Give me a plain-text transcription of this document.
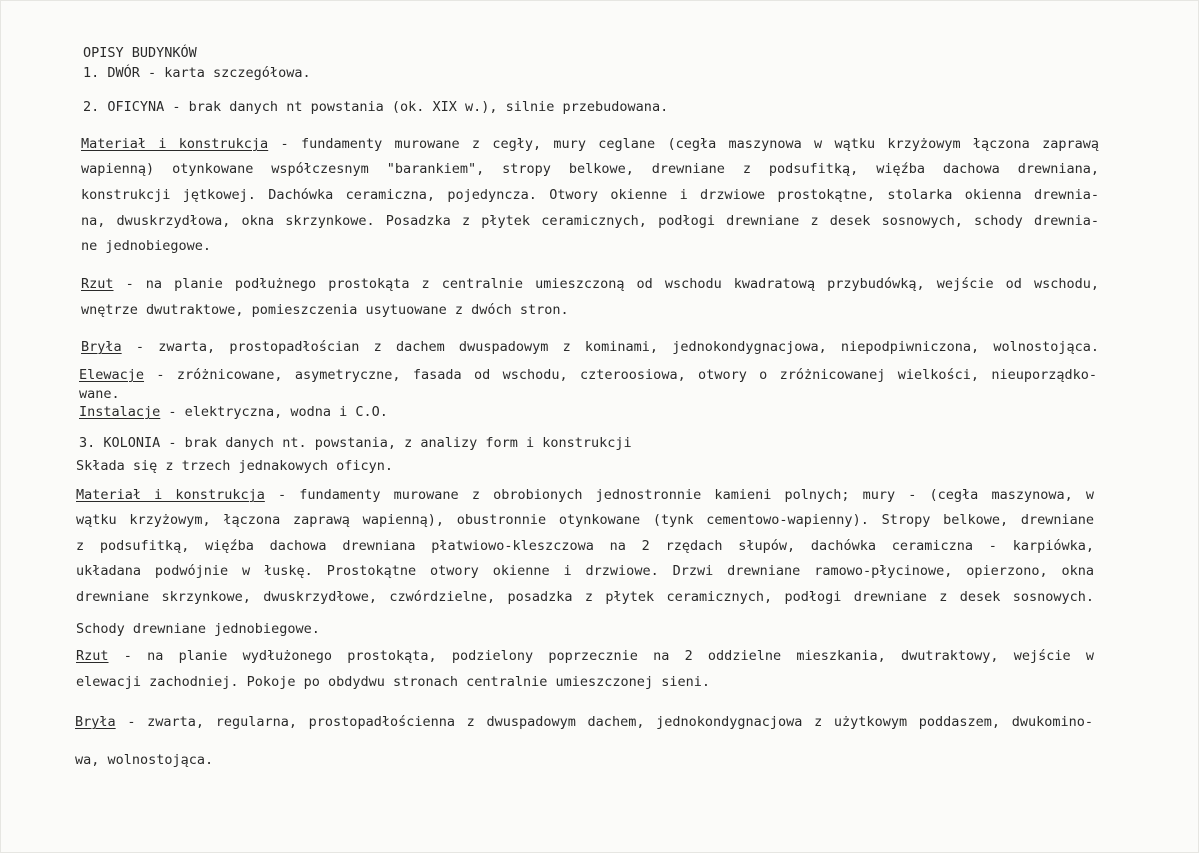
OPISY BUDYNKÓW

1. DWÓR - karta szczegółowa.

2. OFICYNA - brak danych nt powstania (ok. XIX w.), silnie przebudowana.

Materiał i konstrukcja - fundamenty murowane z cegły, mury ceglane (cegła maszynowa w wątku krzyżowym łączona zaprawą

wapienną) otynkowane współczesnym "barankiem", stropy belkowe, drewniane z podsufitką, więźba dachowa drewniana,

konstrukcji jętkowej. Dachówka ceramiczna, pojedyncza. Otwory okienne i drzwiowe prostokątne, stolarka okienna drewnia-

na, dwuskrzydłowa, okna skrzynkowe. Posadzka z płytek ceramicznych, podłogi drewniane z desek sosnowych, schody drewnia-

ne jednobiegowe.

Rzut - na planie podłużnego prostokąta z centralnie umieszczoną od wschodu kwadratową przybudówką, wejście od wschodu,

wnętrze dwutraktowe, pomieszczenia usytuowane z dwóch stron.

Bryła - zwarta, prostopadłościan z dachem dwuspadowym z kominami, jednokondygnacjowa, niepodpiwniczona, wolnostojąca.

Elewacje - zróżnicowane, asymetryczne, fasada od wschodu, czteroosiowa, otwory o zróżnicowanej wielkości, nieuporządko-

wane.

Instalacje - elektryczna, wodna i C.O.

3. KOLONIA - brak danych nt. powstania, z analizy form i konstrukcji

Składa się z trzech jednakowych oficyn.

Materiał i konstrukcja - fundamenty murowane z obrobionych jednostronnie kamieni polnych; mury - (cegła maszynowa, w

wątku krzyżowym, łączona zaprawą wapienną), obustronnie otynkowane (tynk cementowo-wapienny). Stropy belkowe, drewniane

z podsufitką, więźba dachowa drewniana płatwiowo-kleszczowa na 2 rzędach słupów, dachówka ceramiczna - karpiówka,

układana podwójnie w łuskę. Prostokątne otwory okienne i drzwiowe. Drzwi drewniane ramowo-płycinowe, opierzono, okna

drewniane skrzynkowe, dwuskrzydłowe, czwórdzielne, posadzka z płytek ceramicznych, podłogi drewniane z desek sosnowych.

Schody drewniane jednobiegowe.

Rzut - na planie wydłużonego prostokąta, podzielony poprzecznie na 2 oddzielne mieszkania, dwutraktowy, wejście w

elewacji zachodniej. Pokoje po obdydwu stronach centralnie umieszczonej sieni.

Bryła - zwarta, regularna, prostopadłościenna z dwuspadowym dachem, jednokondygnacjowa z użytkowym poddaszem, dwukomino-

wa, wolnostojąca.
